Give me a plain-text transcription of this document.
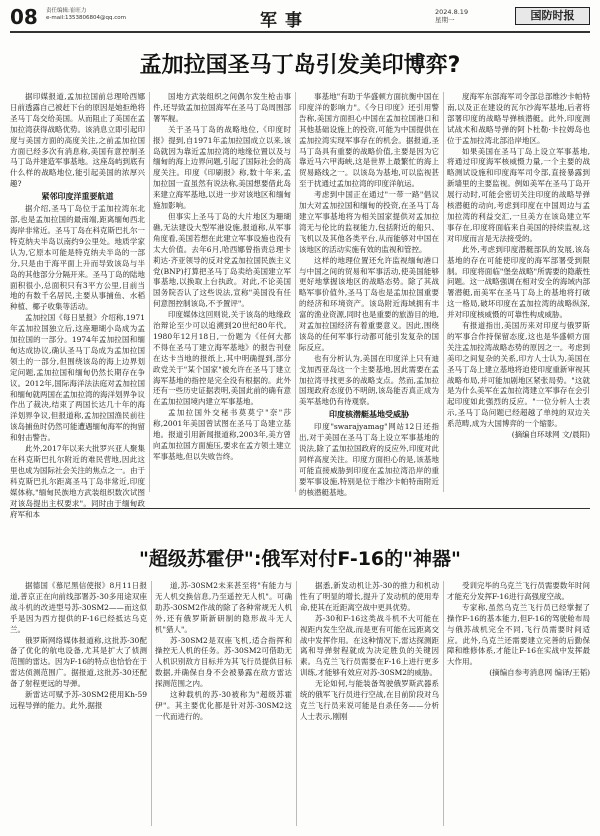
08 责任编辑:崔旺力
e-mail:1353806804@qq.com	军事	2024.8.19
星期一	国防时报
孟加拉国圣马丁岛引发美印博弈?

据印媒报道,孟加拉国前总理哈西娜日前透露自己被赶下台的原因是她拒绝将圣马丁岛交给美国。从而阻止了美国在孟加拉湾获得战略优势。该消息立即引起印度与美国方面的高度关注,之前孟加拉国方面已经多次有消息称,美国有意控制圣马丁岛并建造军事基地。这座岛屿到底有什么样的战略地位,能引起美国的浓厚兴趣?

紧邻印度洋重要航道

据介绍,圣马丁岛位于孟加拉湾东北部,也是孟加拉国的最南端,距离缅甸西北海岸非常近。圣马丁岛在科克斯巴扎尔一特克纳夫半岛以南约9公里处。地质学家认为,它原本可能是特克纳夫半岛的一部分,只是由于海平面上升而导致该岛与半岛的其他部分分隔开来。圣马丁岛的陆地面积很小,总面积只有3平方公里,目前当地的有数千名居民,主要从事捕鱼、水稻种植、椰子收集等活动。

孟加拉国《每日星报》介绍称,1971年孟加拉国独立后,这座珊瑚小岛成为孟加拉国的一部分。1974年孟加拉国和缅甸达成协议,确认圣马丁岛成为孟加拉国领土的一部分,但围绕该岛的海上边界划定问题,孟加拉国和缅甸仍然长期存在争议。2012年,国际海洋法法庭对孟加拉国和缅甸就两国在孟加拉湾的海洋划界争议作出了裁决,结束了两国长达几十年的海洋划界争议,但报道称,孟加拉国渔民前往该岛捕鱼时仍然可能遭遇缅甸海军的拘留和射击警告。

此外,2017年以来大批罗兴亚人聚集在科克斯巴扎尔附近的难民营地,因此这里也成为国际社会关注的焦点之一。由于科克斯巴扎尔距离圣马丁岛非常近,印度媒体称,"缅甸民族地方武装组织数次试图对该岛提出主权要求"。同时由于缅甸政府军和本

国地方武装组织之间偶尔发生枪击事件,还导致孟加拉国海军在圣马丁岛周围部署军舰。

关于圣马丁岛的战略地位,《印度时报》提到,自1971年孟加拉国成立以来,该岛就因为靠近孟加拉湾的地缘位置以及与缅甸的海上边界问题,引起了国际社会的高度关注。印度《印刷报》称,数十年来,孟加拉国一直虽然有说法称,美国想要借此岛来建立海军基地,以进一步对该地区和缅甸施加影响。

但事实上圣马丁岛的大片地区为珊瑚礁,无法建设大型军港设施,报道称,从军事角度看,美国若想在此建立军事设施也没有太大价值。去年6月,哈西娜曾指责总理卡莉达·齐亚领导的反对党孟加拉国民族主义党(BNP)打算把圣马丁岛卖给美国建立军事基地,以换取上台执政。对此,不论美国国务院否认了这些说法,宣称"美国没有任何意图控制该岛,不予置评"。

印度媒体这回则说,关于该岛的地缘政治辩论至少可以追溯到20世纪80年代。1980年12月18日,一份题为《任何大都不得在圣马丁建立海军基地》的报告刊登在达卡当地的报纸上,其中明确提到,部分政党关于"某个国家"被允许在圣马丁建立海军基地的指控是完全没有根据的。此外还有一些历史证据表明,美国此前的确有意在孟加拉国境内建立军事基地。

孟加拉国外交秘书莫莫宁"奈"莎称,2001年美国曾试图在圣马丁岛建立基地。报道引用新闻报道称,2003年,美方曾向孟加拉国方面施压,要求在孟方领土建立军事基地,但以失败告终。

事基地"有助于华盛顿方面抗衡中国在印度洋的影响力"。《今日印度》还引用警告称,美国方面担心中国在孟加拉国港口和其他基础设施上的投资,可能为中国提供在孟加拉湾实现军事存在的机会。据报道,圣马丁岛具有重要的战略价值,主要是因为它靠近马六甲海峡,这是世界上最繁忙的海上贸易路线之一。以该岛为基地,可以监视甚至于扰通过孟加拉湾的印度洋航运。

考虑到中国正在通过"一带一路"倡议加大对孟加拉国和缅甸的投资,在圣马丁岛建立军事基地将为相关国家提供对孟加拉湾无与伦比的监视能力,包括附近的船只、飞机以及其他各类平台,从而能够对中国在该地区的活动实施有效的监视和管控。

这样的地理位置还允许监视缅甸港口与中国之间的贸易和军事活动,使美国能够更好地掌握该地区的战略态势。除了其战略军事价值外,圣马丁岛也是孟加拉国重要的经济和环境资产。该岛附近海域拥有丰富的渔业资源,同时也是重要的旅游目的地,对孟加拉国经济有着重要意义。因此,围绕该岛的任何军事行动都可能引发复杂的国际反应。

也有分析认为,美国在印度洋上只有迪戈加西亚岛这一个主要基地,因此需要在孟加拉湾寻找更多的战略支点。然而,孟加拉国现政府态度仍不明朗,该岛能否真正成为美军基地仍有待观察。

印度核潜艇基地受威胁

印度"swarajyamag"网站12日还指出,对于美国在圣马丁岛上设立军事基地的说法,除了孟加拉国政府的反应外,印度对此同样高度关注。印度方面担心的是,该基地可能直接威胁到印度在孟加拉湾沿岸的重要军事设施,特别是位于维沙卡帕特南附近的核潜艇基地。

度海军东部海军司令部总部维沙卡帕特南,以及正在建设的瓦尔沙海军基地,后者将部署印度的战略导弹核潜艇。此外,印度测试战术和战略导弹的阿卜杜勒·卡拉姆岛也位于孟加拉湾北部沿岸地区。

如果美国在圣马丁岛上设立军事基地,将通过印度海军核威慑力量,一个主要的战略测试设施和印度海军司令部,直接暴露到新墙里的主要监视。例如美军在圣马丁岛开展行动时,可能会密切关注印度的战略导弹核潜艇的动向,考虑到印度在中国周边与孟加拉湾的利益交汇,一旦美方在该岛建立军事存在,印度将面临来自美国的持续监视,这对印度而言是无法接受的。

此外,考虑到印度潜艇部队的发展,该岛基地的存在可能使印度的海军部署受到限制。印度将面临"堡垒战略"所需要的隐蔽性问题。这一战略强调在相对安全的海域内部署潜艇,而美军在圣马丁岛上的基地将打破这一格局,破坏印度在孟加拉湾的战略纵深,并对印度核威慑的可靠性构成威胁。

有报道指出,美国历来对印度与俄罗斯的军事合作持保留态度,这也是华盛顿方面关注孟加拉湾战略态势的原因之一。考虑到美印之间复杂的关系,印方人士认为,美国在圣马丁岛上建立基地将迫使印度重新审视其战略布局,并可能加剧地区紧张局势。"这就是为什么美军在孟加拉湾建立军事存在会引起印度如此强烈的反应。"一位分析人士表示,圣马丁岛问题已经超越了单纯的双边关系范畴,成为大国博弈的一个缩影。

(摘编自环球网 文/晨阳)

"超级苏霍伊":俄军对付F-16的"神器"

据德国《慕尼黑信使报》8月11日报道,普京正在向前线部署苏-30多用途双座战斗机的改进型号苏-30SM2——而这似乎是因为西方提供的F-16已经抵达乌克兰。

俄罗斯网络媒体报道称,这批苏-30配备了优化的航电设备,尤其是扩大了侦测范围的雷达。因为F-16的特点也恰恰在于雷达侦测范围广。据报道,这批苏-30还配备了射程更远的导弹。

新雷达可赋予苏-30SM2使用Kh-59远程导弹的能力。此外,据报

道,苏-30SM2未来甚至将"有能力与无人机交换信息,乃至遥控无人机"。可确助苏-30SM2作战的除了各种常规无人机外,还有俄罗斯新研制的隐形战斗无人机"猎人"。

苏-30SM2是双座飞机,适合指挥和操控无人机的任务。苏-30SM2可借助无人机识别敌方目标并为其飞行员提供目标数据,并确保自身不会被暴露在敌方雷达探测范围之内。

这种载机的苏-30被称为"超级苏霍伊"。其主要优化都是针对苏-30SM2这一代而进行的。

据悉,新发动机让苏-30的推力和机动性有了明显的增长,提升了发动机的使用寿命,使其在近距离空战中更具优势。

苏-30和F-16这类战斗机不大可能在视距内发生空战,而是更有可能在远距离交战中发挥作用。在这种情况下,雷达探测距离和导弹射程就成为决定胜负的关键因素。乌克兰飞行员需要在F-16上进行更多训练,才能够有效应对苏-30SM2的威胁。

无论如何,与能装备驾驶俄罗斯武器系统的俄军飞行员进行空战,在目前阶段对乌克兰飞行员来说可能是自杀任务——分析人士表示,刚刚

受训完毕的乌克兰飞行员需要数年时间才能充分发挥F-16进行高强度空战。

专家称,虽然乌克兰飞行员已经掌握了操作F-16的基本能力,但F-16的驾驶舱布局与俄苏战机完全不同,飞行员需要时间适应。此外,乌克兰还需要建立完善的后勤保障和维修体系,才能让F-16在实战中发挥最大作用。

(摘编自参考消息网 编译/王韬)
